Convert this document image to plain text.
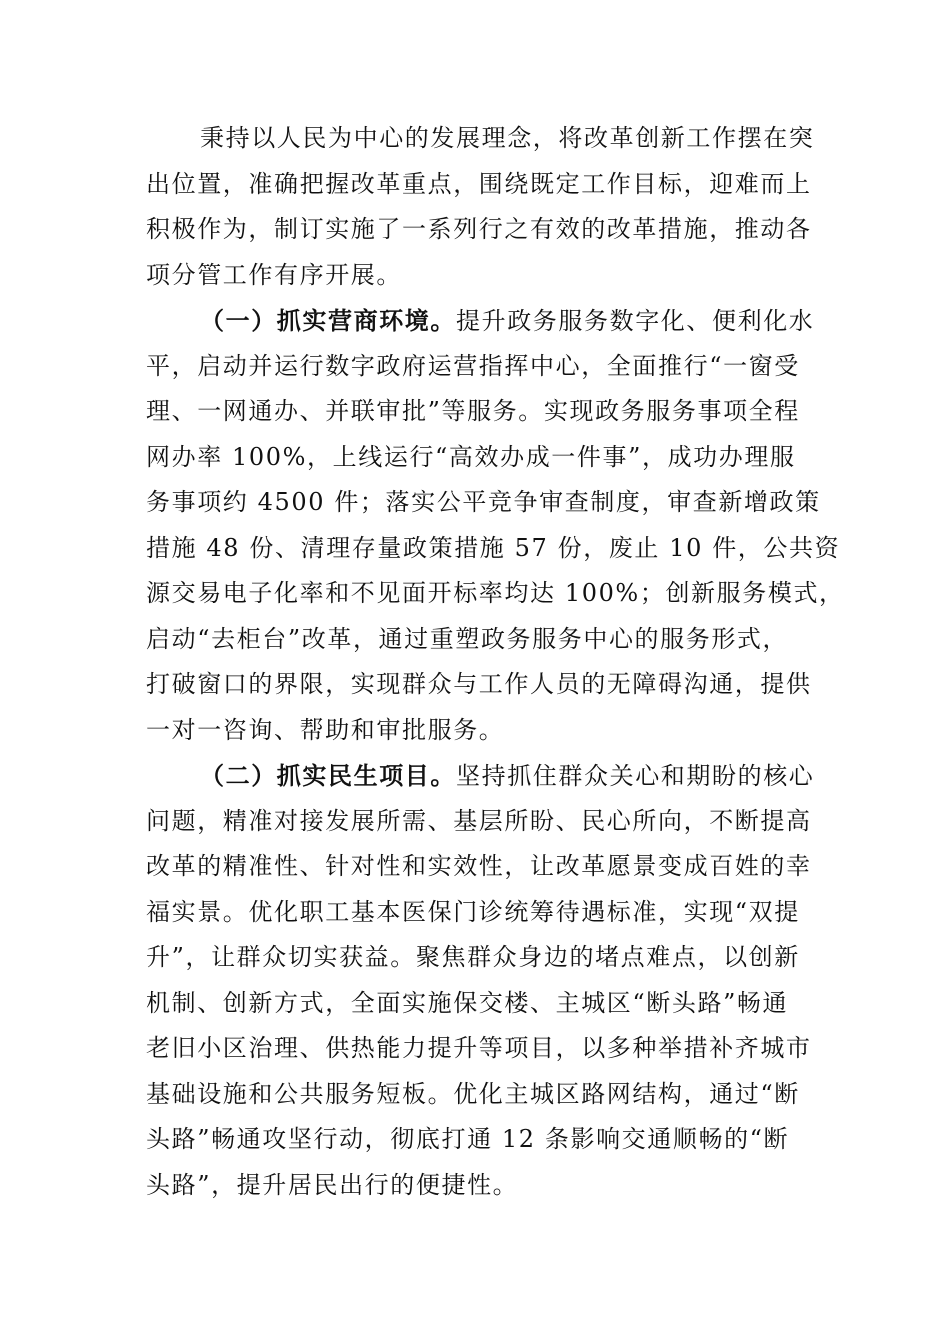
秉持以人民为中心的发展理念，将改革创新工作摆在突
出位置，准确把握改革重点，围绕既定工作目标，迎难而上
积极作为，制订实施了一系列行之有效的改革措施，推动各
项分管工作有序开展。
（一）抓实营商环境。提升政务服务数字化、便利化水
平，启动并运行数字政府运营指挥中心，全面推行“一窗受
理、一网通办、并联审批”等服务。实现政务服务事项全程
网办率 100%，上线运行“高效办成一件事”，成功办理服
务事项约 4500 件；落实公平竞争审查制度，审查新增政策
措施 48 份、清理存量政策措施 57 份，废止 10 件，公共资
源交易电子化率和不见面开标率均达 100%；创新服务模式，
启动“去柜台”改革，通过重塑政务服务中心的服务形式，
打破窗口的界限，实现群众与工作人员的无障碍沟通，提供
一对一咨询、帮助和审批服务。
（二）抓实民生项目。坚持抓住群众关心和期盼的核心
问题，精准对接发展所需、基层所盼、民心所向，不断提高
改革的精准性、针对性和实效性，让改革愿景变成百姓的幸
福实景。优化职工基本医保门诊统筹待遇标准，实现“双提
升”，让群众切实获益。聚焦群众身边的堵点难点，以创新
机制、创新方式，全面实施保交楼、主城区“断头路”畅通
老旧小区治理、供热能力提升等项目，以多种举措补齐城市
基础设施和公共服务短板。优化主城区路网结构，通过“断
头路”畅通攻坚行动，彻底打通 12 条影响交通顺畅的“断
头路”，提升居民出行的便捷性。
